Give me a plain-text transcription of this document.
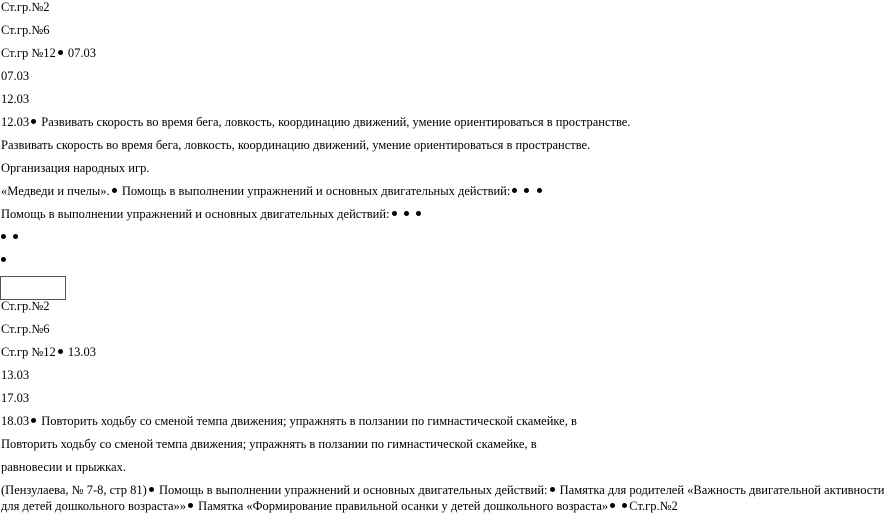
Ст.гр.№2
Ст.гр.№6
Ст.гр №12 07.03
07.03
12.03
12.03 Развивать скорость во время бега, ловкость, координацию движений, умение ориентироваться в пространстве.
Развивать скорость во время бега, ловкость, координацию движений, умение ориентироваться в пространстве.
Организация народных игр.
«Медведи и пчелы». Помощь в выполнении упражнений и основных двигательных действий:
Помощь в выполнении упражнений и основных двигательных действий:

Ст.гр.№2
Ст.гр.№6
Ст.гр №12 13.03
13.03
17.03
18.03 Повторить ходьбу со сменой темпа движения; упражнять в ползании по гимнастической скамейке, в
Повторить ходьбу со сменой темпа движения; упражнять в ползании по гимнастической скамейке, в
равновесии и прыжках.
(Пензулаева, № 7-8, стр 81) Помощь в выполнении упражнений и основных двигательных действий: Памятка для родителей «Важность двигательной активности
для детей дошкольного возраста»» Памятка «Формирование правильной осанки у детей дошкольного возраста» Ст.гр.№2
